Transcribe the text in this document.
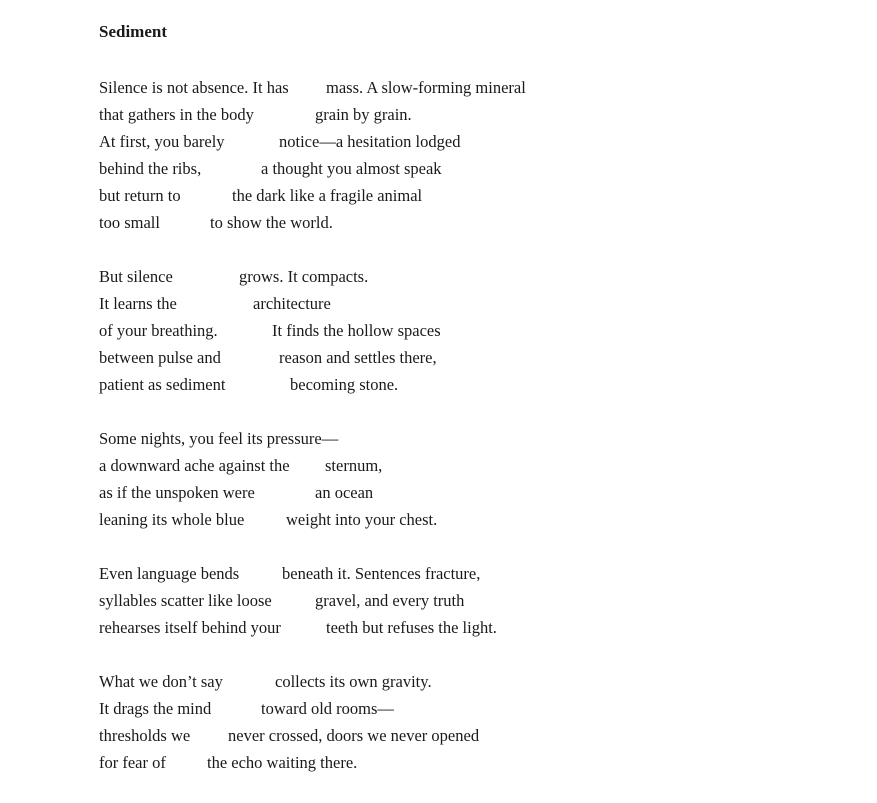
Sediment
Silence is not absence. It has mass. A slow-forming mineral
that gathers in the body	grain by grain.
At first, you barely	notice—a hesitation lodged
behind the ribs,	a thought you almost speak
but return to	the dark like a fragile animal
too small	to show the world.
But silence	grows. It compacts.
It learns the	architecture
of your breathing.	It finds the hollow spaces
between pulse and	reason and settles there,
patient as sediment	becoming stone.
Some nights, you feel its pressure—
a downward ache against the sternum,
as if the unspoken were	an ocean
leaning its whole blue	weight into your chest.
Even language bends	beneath it. Sentences fracture,
syllables scatter like loose	gravel, and every truth
rehearses itself behind your	teeth but refuses the light.
What we don’t say	collects its own gravity.
It drags the mind	toward old rooms—
thresholds we never crossed, doors we never opened
for fear of the echo waiting there.
